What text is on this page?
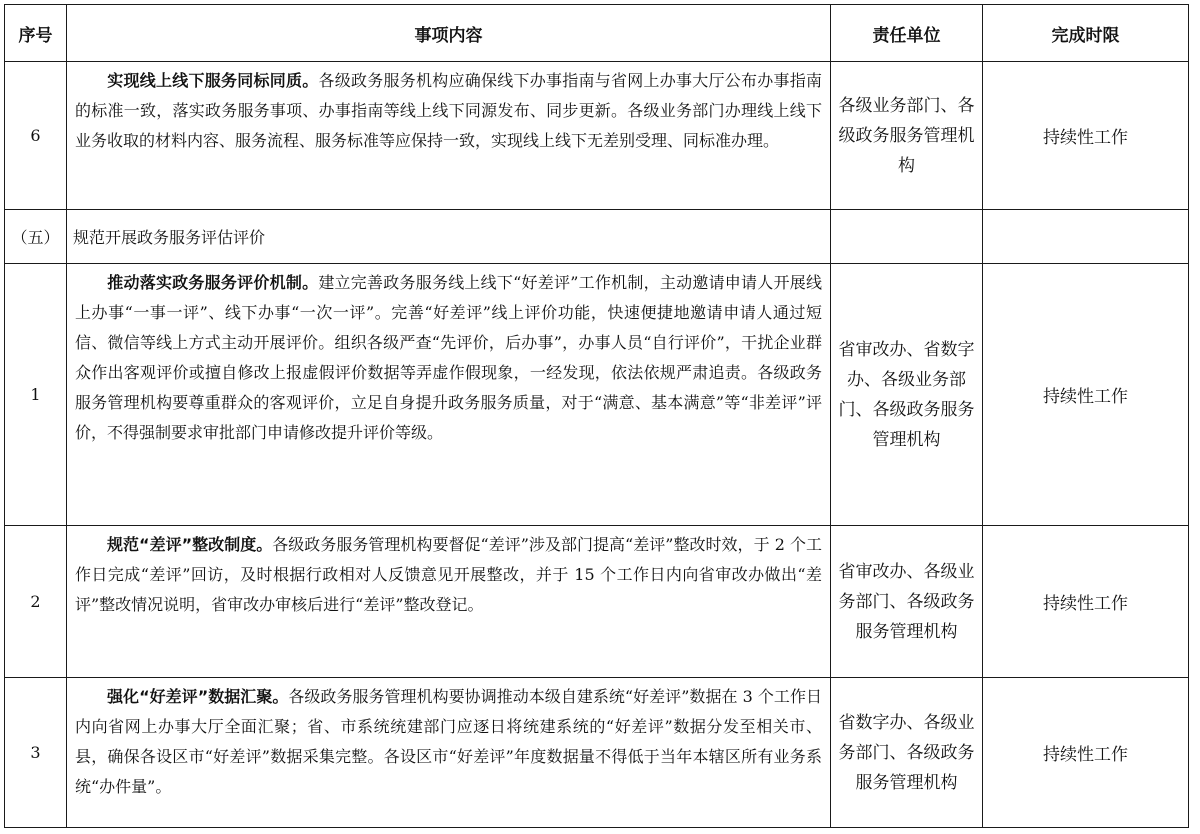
序号	事项内容	责任单位	完成时限
6	实现线上线下服务同标同质。各级政务服务机构应确保线下办事指南与省网上办事大厅公布办事指南的标准一致，落实政务服务事项、办事指南等线上线下同源发布、同步更新。各级业务部门办理线上线下业务收取的材料内容、服务流程、服务标准等应保持一致，实现线上线下无差别受理、同标准办理。	各级业务部门、各级政务服务管理机构	持续性工作
（五）	规范开展政务服务评估评价		
1	推动落实政务服务评价机制。建立完善政务服务线上线下“好差评”工作机制，主动邀请申请人开展线上办事“一事一评”、线下办事“一次一评”。完善“好差评”线上评价功能，快速便捷地邀请申请人通过短信、微信等线上方式主动开展评价。组织各级严查“先评价，后办事”，办事人员“自行评价”，干扰企业群众作出客观评价或擅自修改上报虚假评价数据等弄虚作假现象，一经发现，依法依规严肃追责。各级政务服务管理机构要尊重群众的客观评价，立足自身提升政务服务质量，对于“满意、基本满意”等“非差评”评价，不得强制要求审批部门申请修改提升评价等级。	省审改办、省数字办、各级业务部门、各级政务服务管理机构	持续性工作
2	规范“差评”整改制度。各级政务服务管理机构要督促“差评”涉及部门提高“差评”整改时效，于 2 个工作日完成“差评”回访，及时根据行政相对人反馈意见开展整改，并于 15 个工作日内向省审改办做出“差评”整改情况说明，省审改办审核后进行“差评”整改登记。	省审改办、各级业务部门、各级政务服务管理机构	持续性工作
3	强化“好差评”数据汇聚。各级政务服务管理机构要协调推动本级自建系统“好差评”数据在 3 个工作日内向省网上办事大厅全面汇聚；省、市系统统建部门应逐日将统建系统的“好差评”数据分发至相关市、县，确保各设区市“好差评”数据采集完整。各设区市“好差评”年度数据量不得低于当年本辖区所有业务系统“办件量”。	省数字办、各级业务部门、各级政务服务管理机构	持续性工作
